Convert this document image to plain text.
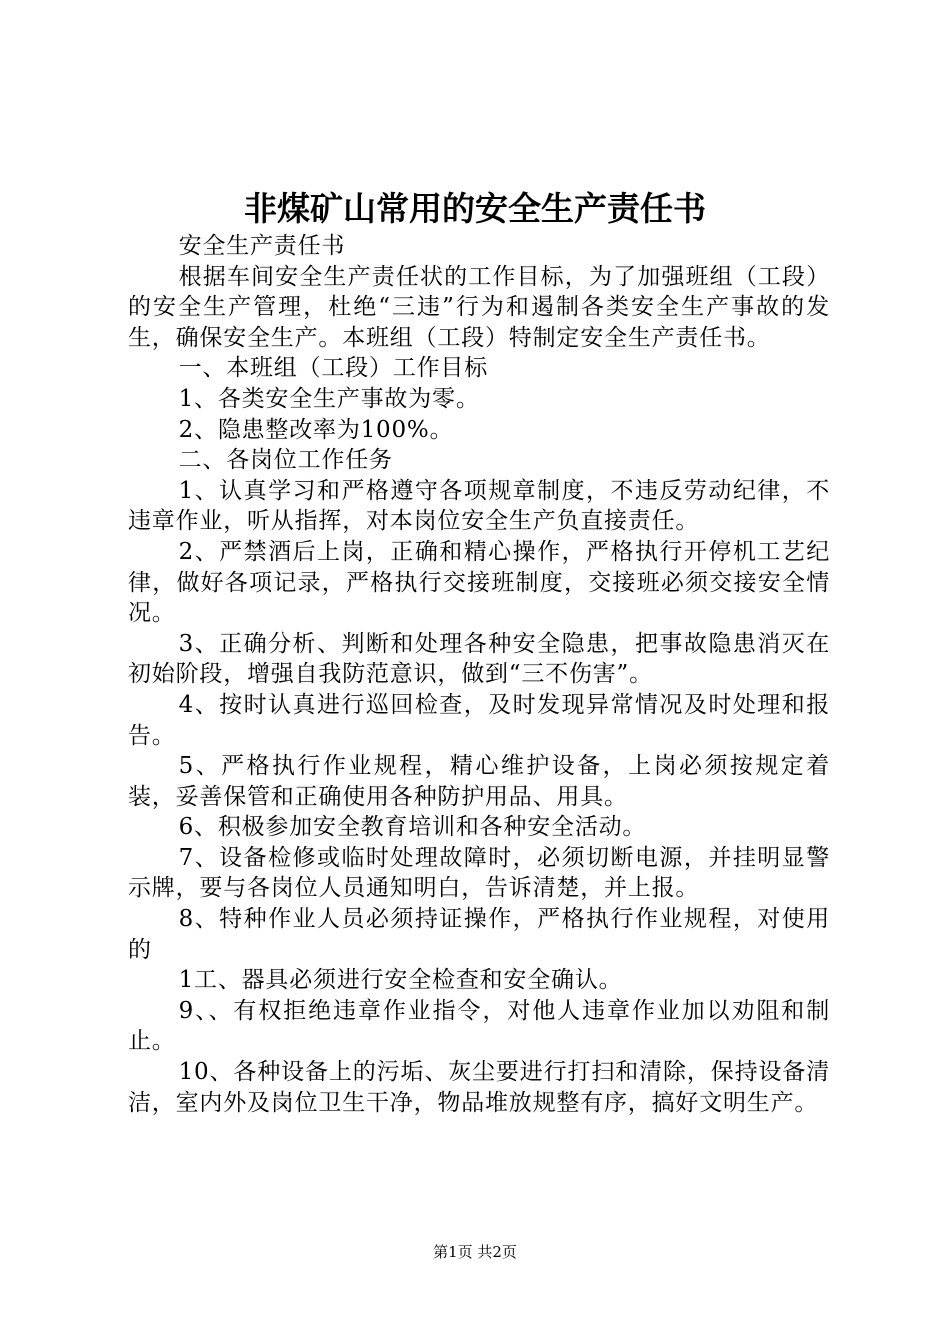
非煤矿山常用的安全生产责任书

安全生产责任书

根据车间安全生产责任状的工作目标，为了加强班组（工段）的安全生产管理，杜绝“三违”行为和遏制各类安全生产事故的发生，确保安全生产。本班组（工段）特制定安全生产责任书。

一、本班组（工段）工作目标

1、各类安全生产事故为零。

2、隐患整改率为100%。

二、各岗位工作任务

1、认真学习和严格遵守各项规章制度，不违反劳动纪律，不违章作业，听从指挥，对本岗位安全生产负直接责任。

2、严禁酒后上岗，正确和精心操作，严格执行开停机工艺纪律，做好各项记录，严格执行交接班制度，交接班必须交接安全情况。

3、正确分析、判断和处理各种安全隐患，把事故隐患消灭在初始阶段，增强自我防范意识，做到“三不伤害”。

4、按时认真进行巡回检查，及时发现异常情况及时处理和报告。

5、严格执行作业规程，精心维护设备，上岗必须按规定着装，妥善保管和正确使用各种防护用品、用具。

6、积极参加安全教育培训和各种安全活动。

7、设备检修或临时处理故障时，必须切断电源，并挂明显警示牌，要与各岗位人员通知明白，告诉清楚，并上报。

8、特种作业人员必须持证操作，严格执行作业规程，对使用的

1工、器具必须进行安全检查和安全确认。

9、、有权拒绝违章作业指令，对他人违章作业加以劝阻和制止。

10、各种设备上的污垢、灰尘要进行打扫和清除，保持设备清洁，室内外及岗位卫生干净，物品堆放规整有序，搞好文明生产。

第1页 共2页
